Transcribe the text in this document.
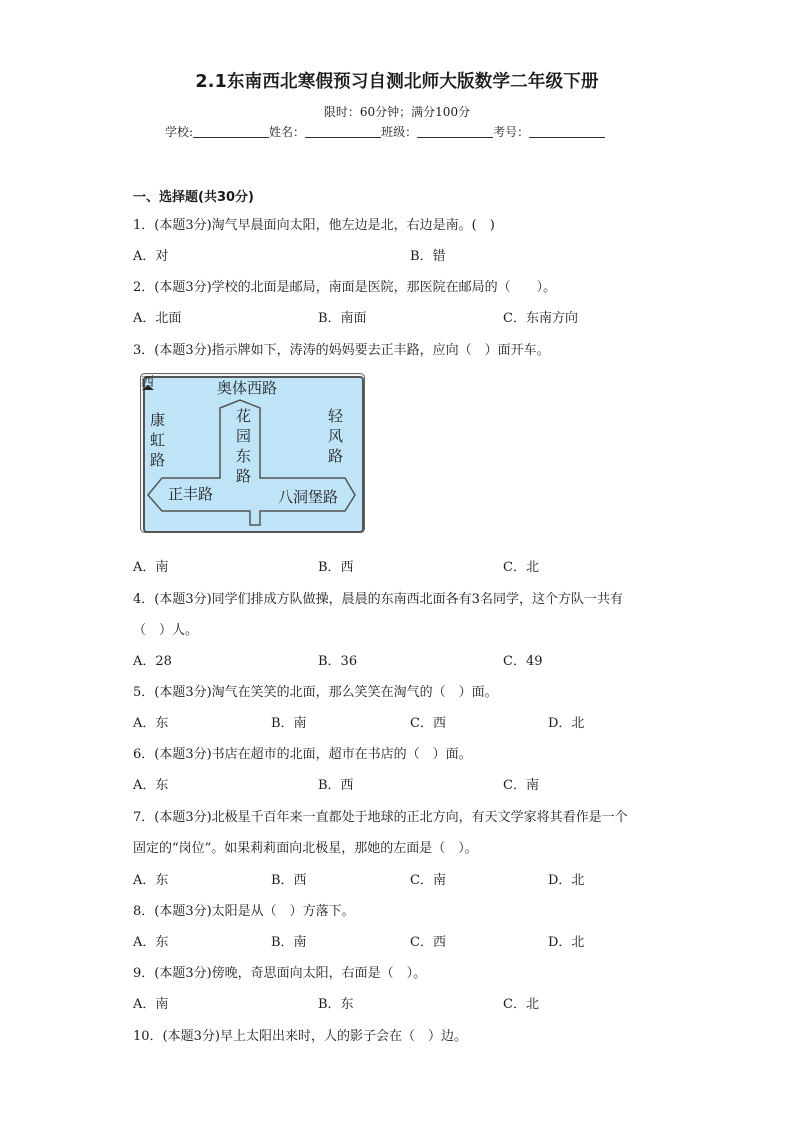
2.1东南西北寒假预习自测北师大版数学二年级下册
限时：60分钟；满分100分
学校:	姓名：	班级：	考号：
一、选择题(共30分)
1．(本题3分)淘气早晨面向太阳，他左边是北，右边是南。(　)
A．对	B．错
2．(本题3分)学校的北面是邮局，南面是医院，那医院在邮局的（　　）。
A．北面	B．南面	C．东南方向
3．(本题3分)指示牌如下，涛涛的妈妈要去正丰路，应向（　）面开车。
西	奥体西路
康
虹
路
花
园
东
路
轻
风
路
正丰路	八洞堡路
A．南	B．西	C．北
4．(本题3分)同学们排成方队做操，晨晨的东南西北面各有3名同学，这个方队一共有
（　）人。
A．28	B．36	C．49
5．(本题3分)淘气在笑笑的北面，那么笑笑在淘气的（　）面。
A．东	B．南	C．西	D．北
6．(本题3分)书店在超市的北面，超市在书店的（　）面。
A．东	B．西	C．南
7．(本题3分)北极星千百年来一直都处于地球的正北方向，有天文学家将其看作是一个
固定的“岗位”。如果莉莉面向北极星，那她的左面是（　）。
A．东	B．西	C．南	D．北
8．(本题3分)太阳是从（　）方落下。
A．东	B．南	C．西	D．北
9．(本题3分)傍晚，奇思面向太阳，右面是（　）。
A．南	B．东	C．北
10．(本题3分)早上太阳出来时，人的影子会在（　）边。
